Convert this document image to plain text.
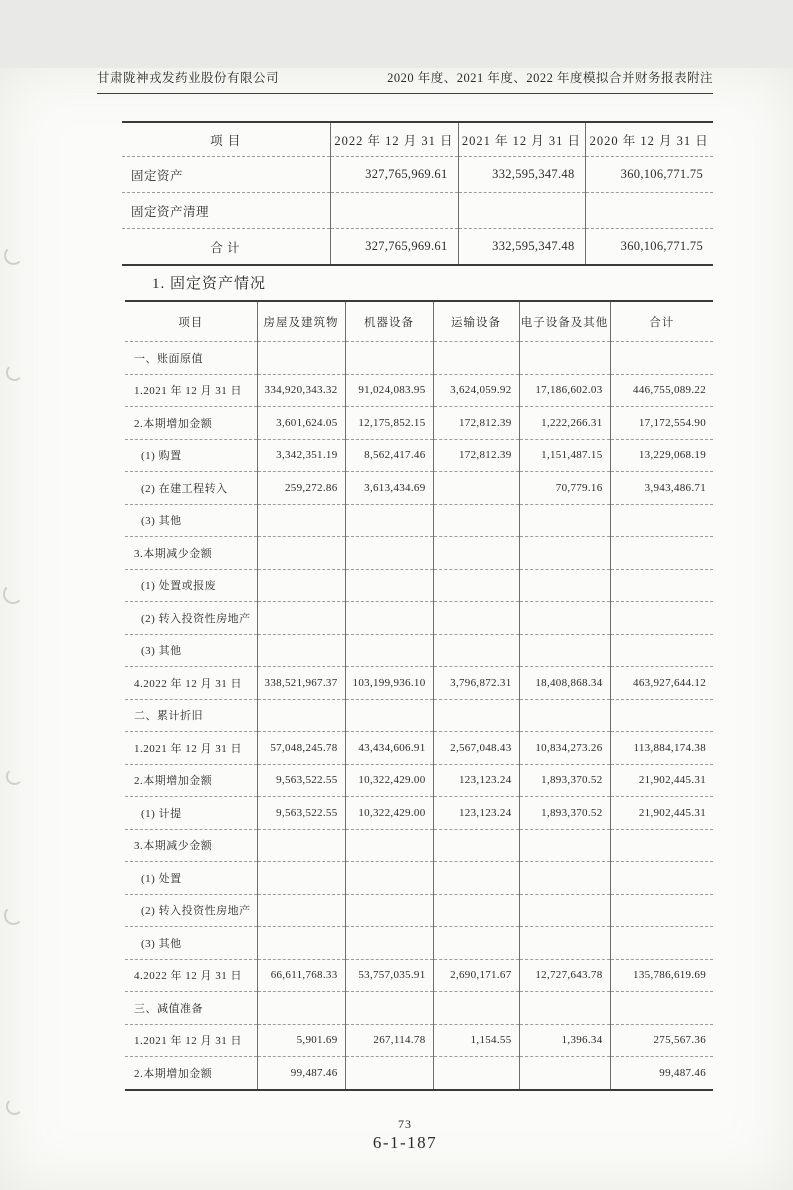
甘肃陇神戎发药业股份有限公司	2020 年度、2021 年度、2022 年度模拟合并财务报表附注
项 目	2022 年 12 月 31 日	2021 年 12 月 31 日	2020 年 12 月 31 日
固定资产	327,765,969.61	332,595,347.48	360,106,771.75
固定资产清理			
合 计	327,765,969.61	332,595,347.48	360,106,771.75
1. 固定资产情况
项目	房屋及建筑物	机器设备	运输设备	电子设备及其他	合计
一、账面原值					
1.2021 年 12 月 31 日	334,920,343.32	91,024,083.95	3,624,059.92	17,186,602.03	446,755,089.22
2.本期增加金额	3,601,624.05	12,175,852.15	172,812.39	1,222,266.31	17,172,554.90
(1) 购置	3,342,351.19	8,562,417.46	172,812.39	1,151,487.15	13,229,068.19
(2) 在建工程转入	259,272.86	3,613,434.69		70,779.16	3,943,486.71
(3) 其他					
3.本期减少金额					
(1) 处置或报废					
(2) 转入投资性房地产					
(3) 其他					
4.2022 年 12 月 31 日	338,521,967.37	103,199,936.10	3,796,872.31	18,408,868.34	463,927,644.12
二、累计折旧					
1.2021 年 12 月 31 日	57,048,245.78	43,434,606.91	2,567,048.43	10,834,273.26	113,884,174.38
2.本期增加金额	9,563,522.55	10,322,429.00	123,123.24	1,893,370.52	21,902,445.31
(1) 计提	9,563,522.55	10,322,429.00	123,123.24	1,893,370.52	21,902,445.31
3.本期减少金额					
(1) 处置					
(2) 转入投资性房地产					
(3) 其他					
4.2022 年 12 月 31 日	66,611,768.33	53,757,035.91	2,690,171.67	12,727,643.78	135,786,619.69
三、减值准备					
1.2021 年 12 月 31 日	5,901.69	267,114.78	1,154.55	1,396.34	275,567.36
2.本期增加金额	99,487.46				99,487.46
73
6-1-187
